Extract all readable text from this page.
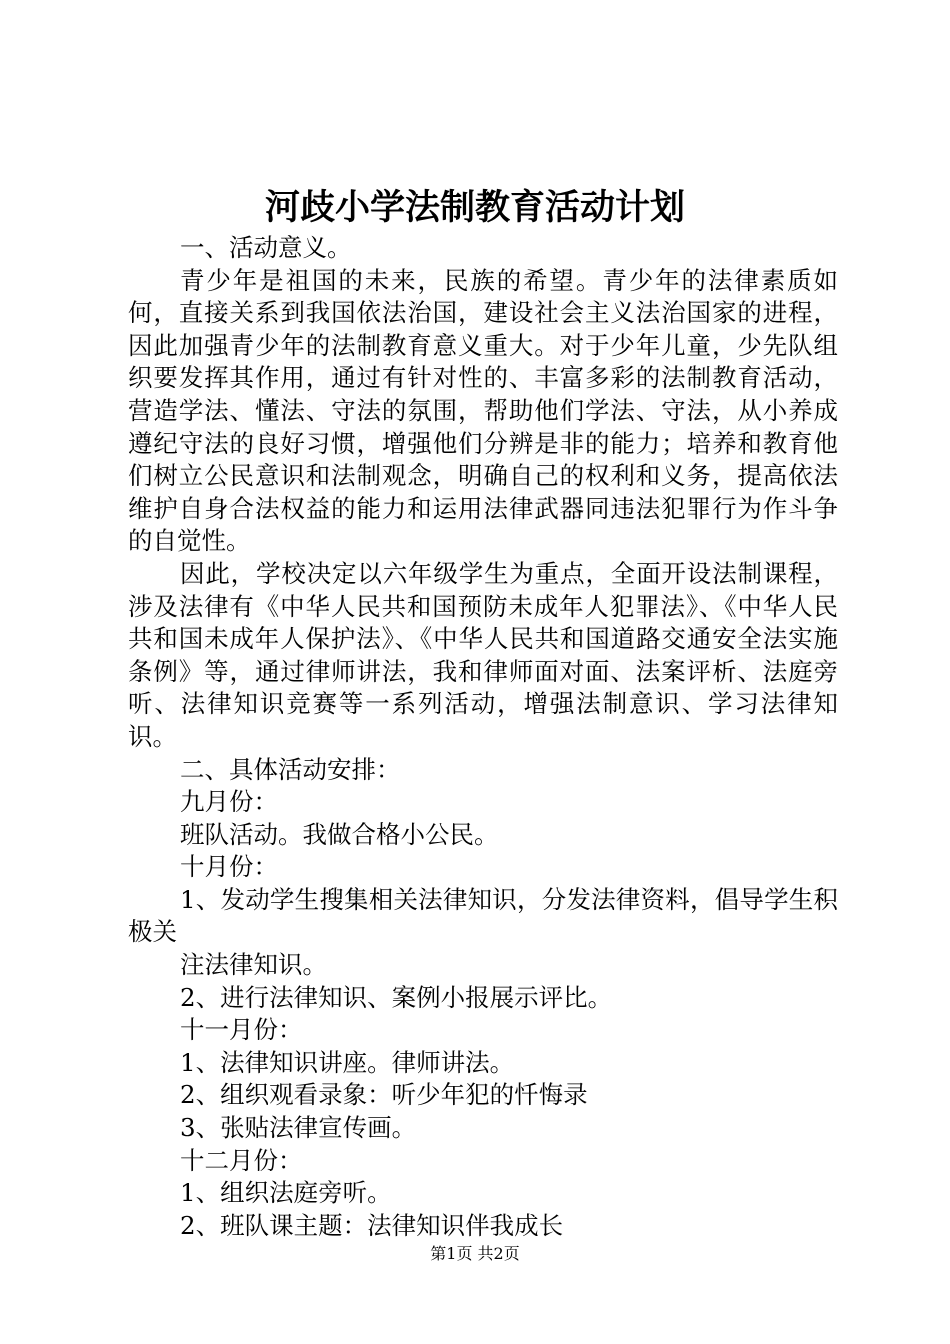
河歧小学法制教育活动计划

一、活动意义。

青少年是祖国的未来，民族的希望。青少年的法律素质如何，直接关系到我国依法治国，建设社会主义法治国家的进程，因此加强青少年的法制教育意义重大。对于少年儿童，少先队组织要发挥其作用，通过有针对性的、丰富多彩的法制教育活动，营造学法、懂法、守法的氛围，帮助他们学法、守法，从小养成遵纪守法的良好习惯，增强他们分辨是非的能力；培养和教育他们树立公民意识和法制观念，明确自己的权利和义务，提高依法维护自身合法权益的能力和运用法律武器同违法犯罪行为作斗争的自觉性。

因此，学校决定以六年级学生为重点，全面开设法制课程，涉及法律有《中华人民共和国预防未成年人犯罪法》、《中华人民共和国未成年人保护法》、《中华人民共和国道路交通安全法实施条例》等，通过律师讲法，我和律师面对面、法案评析、法庭旁听、法律知识竞赛等一系列活动，增强法制意识、学习法律知识。

二、具体活动安排：

九月份：

班队活动。我做合格小公民。

十月份：

1、发动学生搜集相关法律知识，分发法律资料，倡导学生积极关

注法律知识。

2、进行法律知识、案例小报展示评比。

十一月份：

1、法律知识讲座。律师讲法。

2、组织观看录象：听少年犯的忏悔录

3、张贴法律宣传画。

十二月份：

1、组织法庭旁听。

2、班队课主题：法律知识伴我成长

第1页 共2页
